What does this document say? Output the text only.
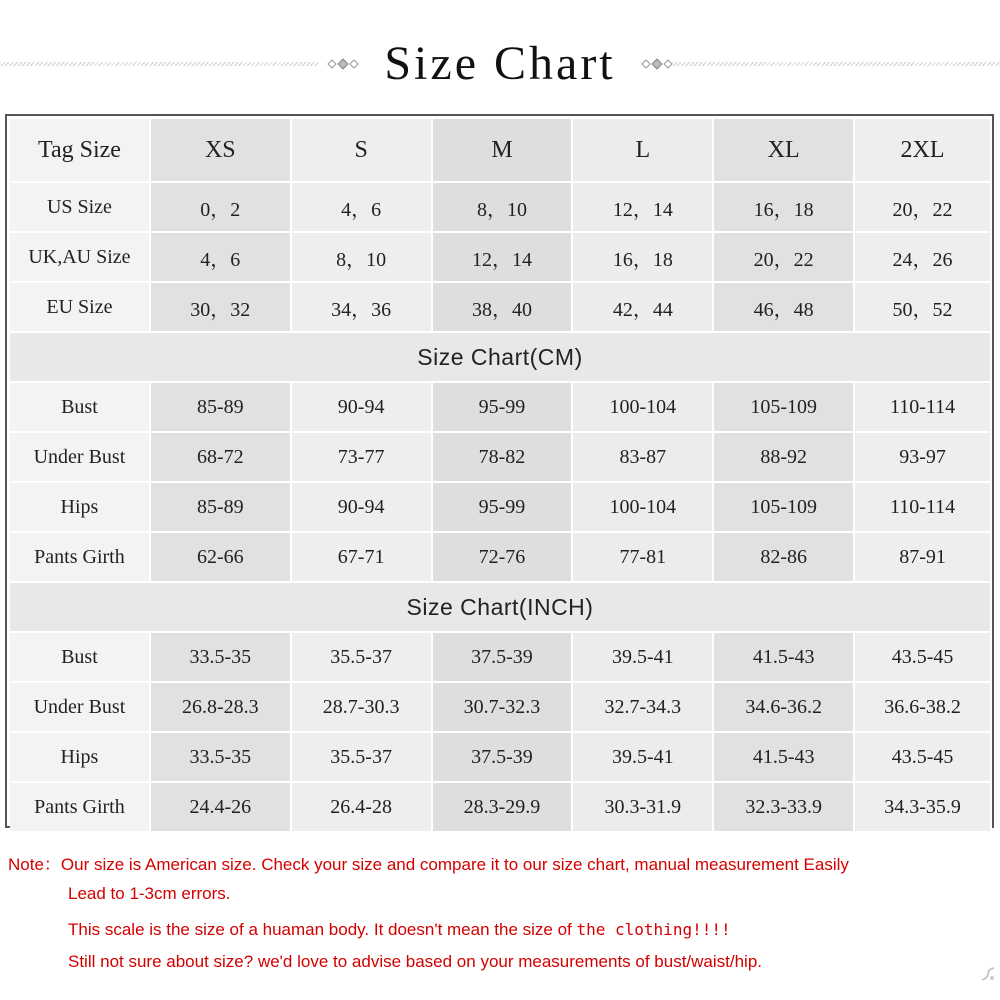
Size Chart
Tag Size	XS	S	M	L	XL	2XL
US Size	0，2	4，6	8，10	12，14	16，18	20，22
UK,AU Size	4，6	8，10	12，14	16，18	20，22	24，26
EU Size	30，32	34，36	38，40	42，44	46，48	50，52
Size Chart(CM)						
Bust	85-89	90-94	95-99	100-104	105-109	110-114
Under Bust	68-72	73-77	78-82	83-87	88-92	93-97
Hips	85-89	90-94	95-99	100-104	105-109	110-114
Pants Girth	62-66	67-71	72-76	77-81	82-86	87-91
Size Chart(INCH)						
Bust	33.5-35	35.5-37	37.5-39	39.5-41	41.5-43	43.5-45
Under Bust	26.8-28.3	28.7-30.3	30.7-32.3	32.7-34.3	34.6-36.2	36.6-38.2
Hips	33.5-35	35.5-37	37.5-39	39.5-41	41.5-43	43.5-45
Pants Girth	24.4-26	26.4-28	28.3-29.9	30.3-31.9	32.3-33.9	34.3-35.9
Note：Our size is American size. Check your size and compare it to our size chart, manual measurement Easily
Lead to 1-3cm errors.
This scale is the size of a huaman body. It doesn't mean the size of the clothing!!!!
Still not sure about size? we'd love to advise based on your measurements of bust/waist/hip.
